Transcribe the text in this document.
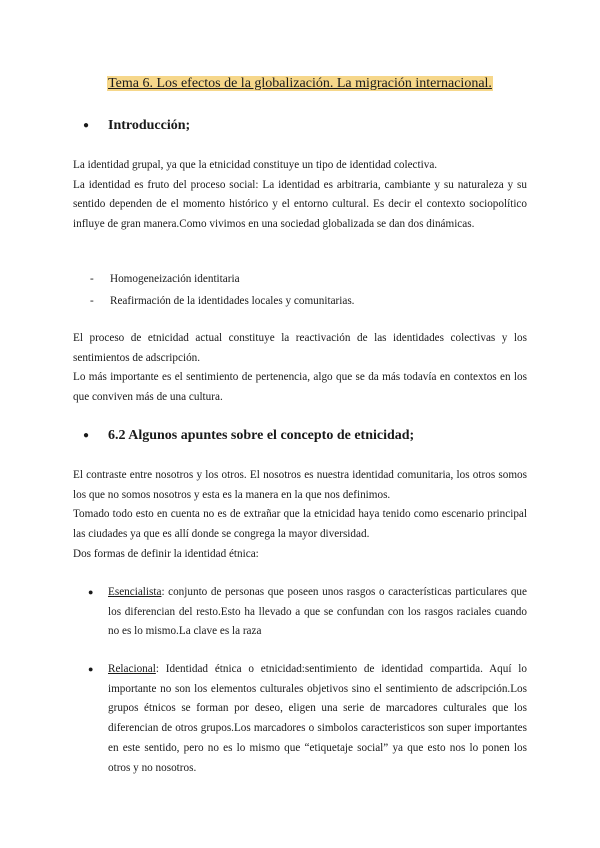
Tema 6. Los efectos de la globalización. La migración internacional.
● Introducción;

La identidad grupal, ya que la etnicidad constituye un tipo de identidad colectiva.

La identidad es fruto del proceso social: La identidad es arbitraria, cambiante y su naturaleza y su sentido dependen de el momento histórico y el entorno cultural. Es decir el contexto sociopolítico influye de gran manera.Como vivimos en una sociedad globalizada se dan dos dinámicas.

- Homogeneización identitaria
- Reafirmación de la identidades locales y comunitarias.

El proceso de etnicidad actual constituye la reactivación de las identidades colectivas y los sentimientos de adscripción.

Lo más importante es el sentimiento de pertenencia, algo que se da más todavía en contextos en los que conviven más de una cultura.

● 6.2 Algunos apuntes sobre el concepto de etnicidad;

El contraste entre nosotros y los otros. El nosotros es nuestra identidad comunitaria, los otros somos los que no somos nosotros y esta es la manera en la que nos definimos.

Tomado todo esto en cuenta no es de extrañar que la etnicidad haya tenido como escenario principal las ciudades ya que es allí donde se congrega la mayor diversidad.

Dos formas de definir la identidad étnica:

● Esencialista: conjunto de personas que poseen unos rasgos o características particulares que los diferencian del resto.Esto ha llevado a que se confundan con los rasgos raciales cuando no es lo mismo.La clave es la raza

● Relacional: Identidad étnica o etnicidad:sentimiento de identidad compartida. Aquí lo importante no son los elementos culturales objetivos sino el sentimiento de adscripción.Los grupos étnicos se forman por deseo, eligen una serie de marcadores culturales que los diferencian de otros grupos.Los marcadores o simbolos caracteristicos son super importantes en este sentido, pero no es lo mismo que “etiquetaje social” ya que esto nos lo ponen los otros y no nosotros.
